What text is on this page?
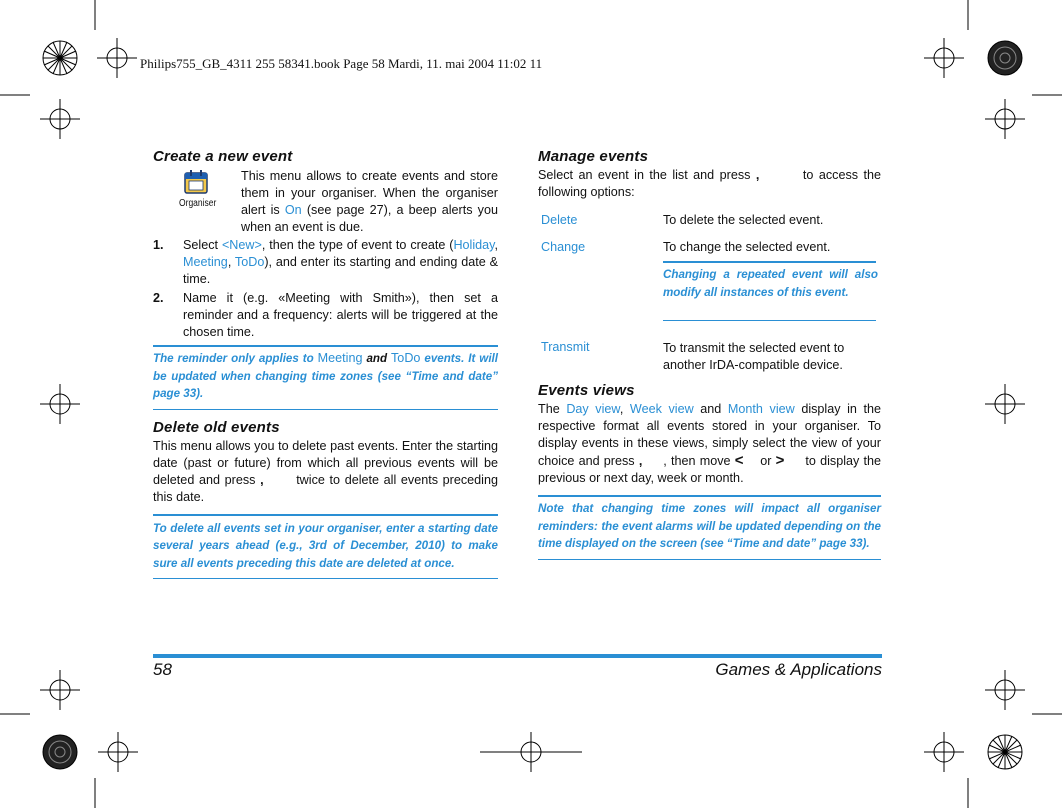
Philips755_GB_4311 255 58341.book Page 58 Mardi, 11. mai 2004 11:02 11
Create a new event
Organiser
This menu allows to create events and store them in your organiser. When the organiser alert is On (see page 27), a beep alerts you when an event is due.
1. Select <New>, then the type of event to create (Holiday, Meeting, ToDo), and enter its starting and ending date & time.
2. Name it (e.g. «Meeting with Smith»), then set a reminder and a frequency: alerts will be triggered at the chosen time.
The reminder only applies to Meeting and ToDo events. It will be updated when changing time zones (see “Time and date” page 33).
Delete old events
This menu allows you to delete past events. Enter the starting date (past or future) from which all previous events will be deleted and press ,	twice to delete all events preceding this date.
To delete all events set in your organiser, enter a starting date several years ahead (e.g., 3rd of December, 2010) to make sure all events preceding this date are deleted at once.
Manage events
Select an event in the list and press ,	to access the following options:
Delete	To delete the selected event.
Change	To change the selected event.
Changing a repeated event will also modify all instances of this event.
Transmit	To transmit the selected event to another IrDA-compatible device.
Events views
The Day view, Week view and Month view display in the respective format all events stored in your organiser. To display events in these views, simply select the view of your choice and press , , then move < or > to display the previous or next day, week or month.
Note that changing time zones will impact all organiser reminders: the event alarms will be updated depending on the time displayed on the screen (see “Time and date” page 33).
58	Games & Applications
